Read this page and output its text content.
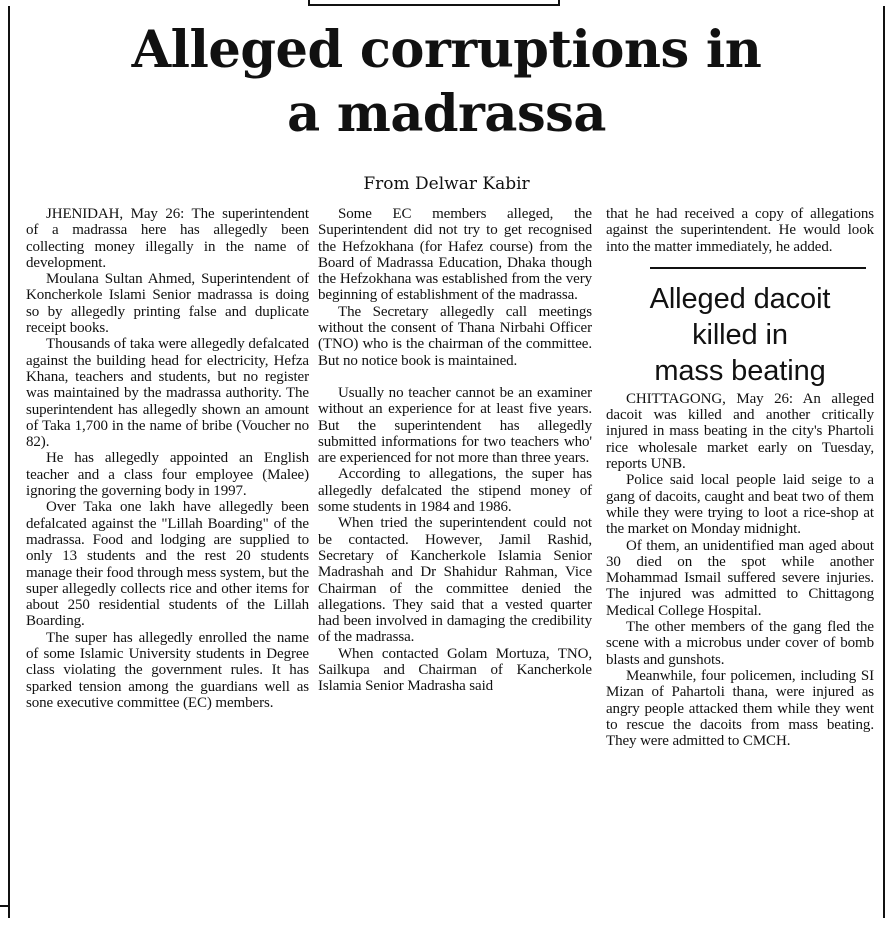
Alleged corruptions in
a madrassa
From Delwar Kabir

JHENIDAH, May 26: The superintendent of a madrassa here has allegedly been collecting money illegally in the name of development.

Moulana Sultan Ahmed, Superintendent of Koncherkole Islami Senior madrassa is doing so by allegedly printing false and duplicate receipt books.

Thousands of taka were allegedly defalcated against the building head for electricity, Hefza Khana, teachers and students, but no register was maintained by the madrassa authority. The superintendent has allegedly shown an amount of Taka 1,700 in the name of bribe (Voucher no 82).

He has allegedly appointed an English teacher and a class four employee (Malee) ignoring the governing body in 1997.

Over Taka one lakh have allegedly been defalcated against the "Lillah Boarding" of the madrassa. Food and lodging are supplied to only 13 students and the rest 20 students manage their food through mess system, but the super allegedly collects rice and other items for about 250 residential students of the Lillah Boarding.

The super has allegedly enrolled the name of some Islamic University students in Degree class violating the government rules. It has sparked tension among the guardians well as sone executive committee (EC) members.

Some EC members alleged, the Superintendent did not try to get recognised the Hefzokhana (for Hafez course) from the Board of Madrassa Education, Dhaka though the Hefzokhana was established from the very beginning of establishment of the madrassa.

The Secretary allegedly call meetings without the consent of Thana Nirbahi Officer (TNO) who is the chairman of the committee. But no notice book is maintained.

Usually no teacher cannot be an examiner without an experience for at least five years. But the superintendent has allegedly submitted informations for two teachers who' are experienced for not more than three years.

According to allegations, the super has allegedly defalcated the stipend money of some students in 1984 and 1986.

When tried the superintendent could not be contacted. However, Jamil Rashid, Secretary of Kancherkole Islamia Senior Madrashah and Dr Shahidur Rahman, Vice Chairman of the committee denied the allegations. They said that a vested quarter had been involved in damaging the credibility of the madrassa.

When contacted Golam Mortuza, TNO, Sailkupa and Chairman of Kancherkole Islamia Senior Madrasha said

that he had received a copy of allegations against the superintendent. He would look into the matter immediately, he added.

Alleged dacoit
killed in
mass beating

CHITTAGONG, May 26: An alleged dacoit was killed and another critically injured in mass beating in the city's Phartoli rice wholesale market early on Tuesday, reports UNB.

Police said local people laid seige to a gang of dacoits, caught and beat two of them while they were trying to loot a rice-shop at the market on Monday midnight.

Of them, an unidentified man aged about 30 died on the spot while another Mohammad Ismail suffered severe injuries. The injured was admitted to Chittagong Medical College Hospital.

The other members of the gang fled the scene with a microbus under cover of bomb blasts and gunshots.

Meanwhile, four policemen, including SI Mizan of Pahartoli thana, were injured as angry people attacked them while they went to rescue the dacoits from mass beating. They were admitted to CMCH.
